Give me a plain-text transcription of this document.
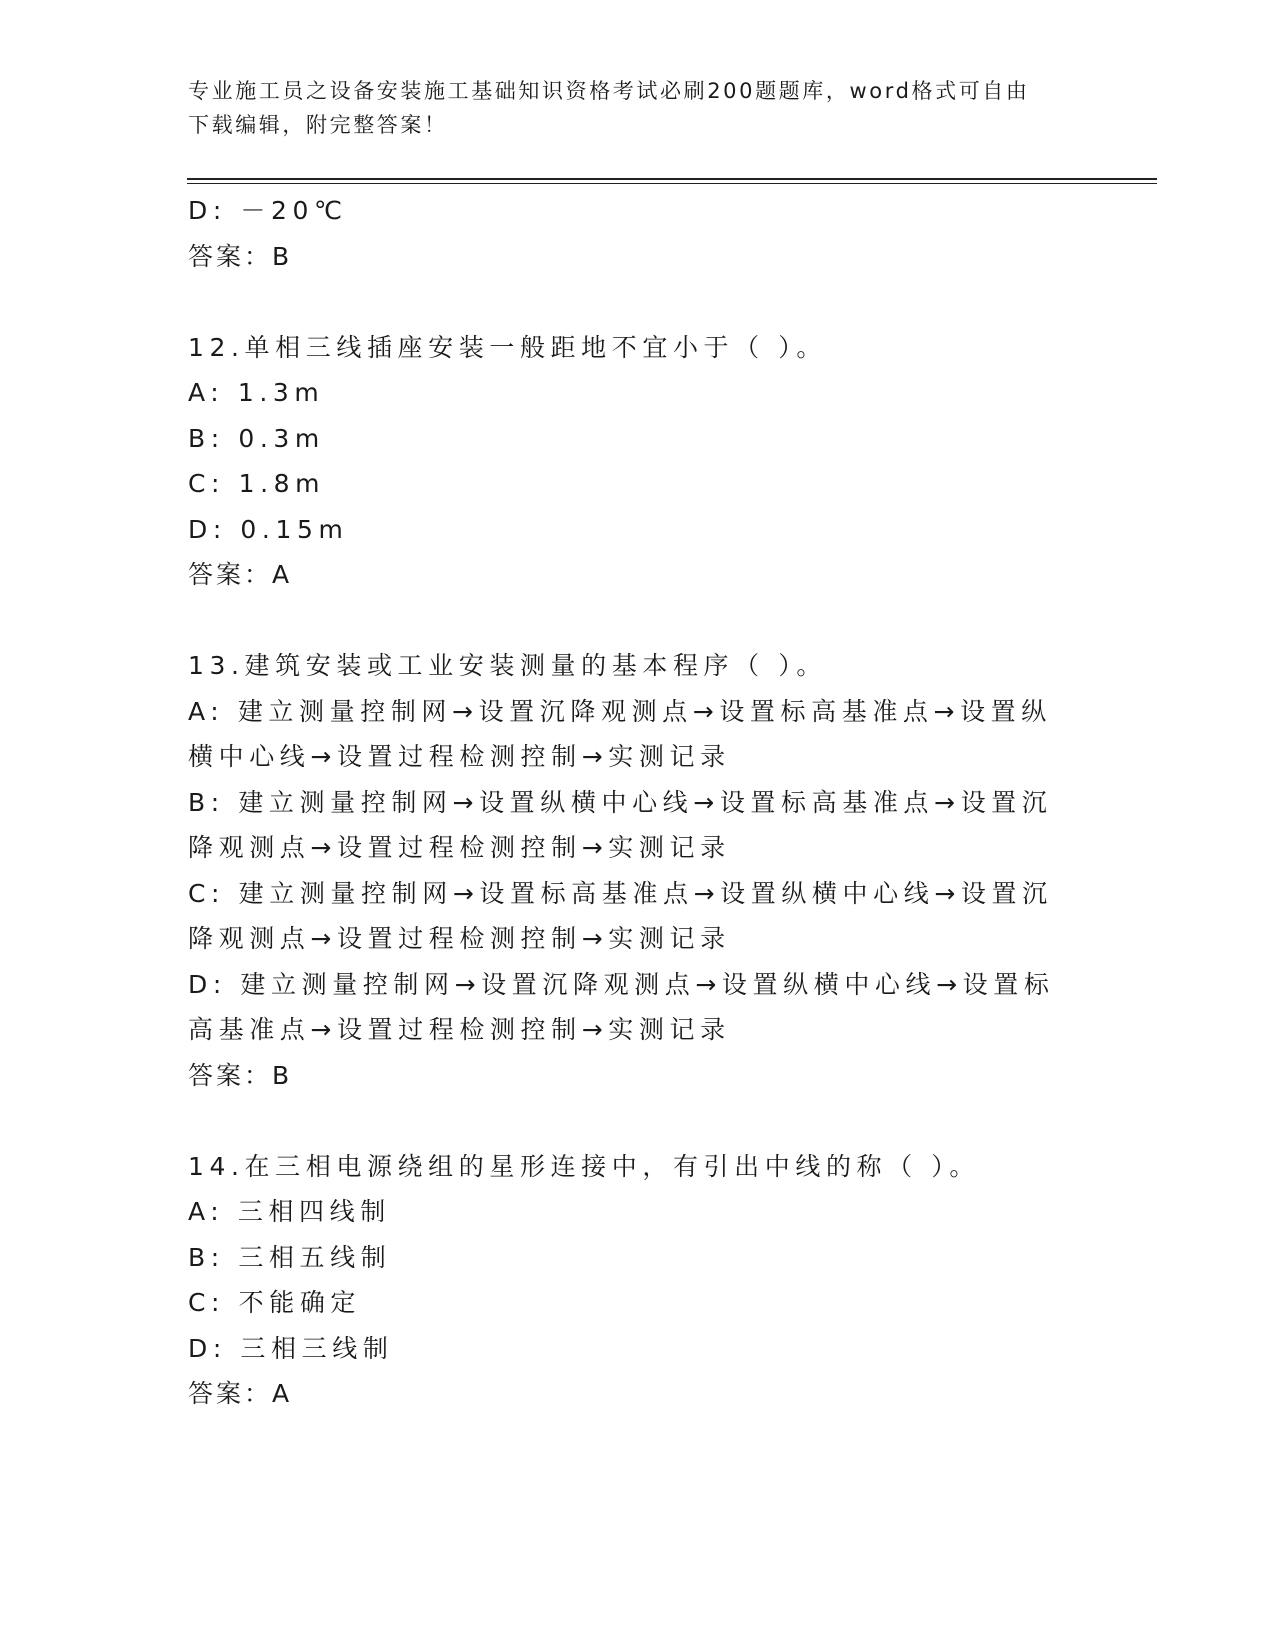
专业施工员之设备安装施工基础知识资格考试必刷200题题库，word格式可自由
下载编辑，附完整答案！
D: －20℃
答案：B
12.单相三线插座安装一般距地不宜小于（ ）。
A: 1.3m
B: 0.3m
C: 1.8m
D: 0.15m
答案：A
13.建筑安装或工业安装测量的基本程序（ ）。
A: 建立测量控制网→设置沉降观测点→设置标高基准点→设置纵横中心线→设置过程检测控制→实测记录
B: 建立测量控制网→设置纵横中心线→设置标高基准点→设置沉降观测点→设置过程检测控制→实测记录
C: 建立测量控制网→设置标高基准点→设置纵横中心线→设置沉降观测点→设置过程检测控制→实测记录
D: 建立测量控制网→设置沉降观测点→设置纵横中心线→设置标高基准点→设置过程检测控制→实测记录
答案：B
14.在三相电源绕组的星形连接中，有引出中线的称（ ）。
A: 三相四线制
B: 三相五线制
C: 不能确定
D: 三相三线制
答案：A
